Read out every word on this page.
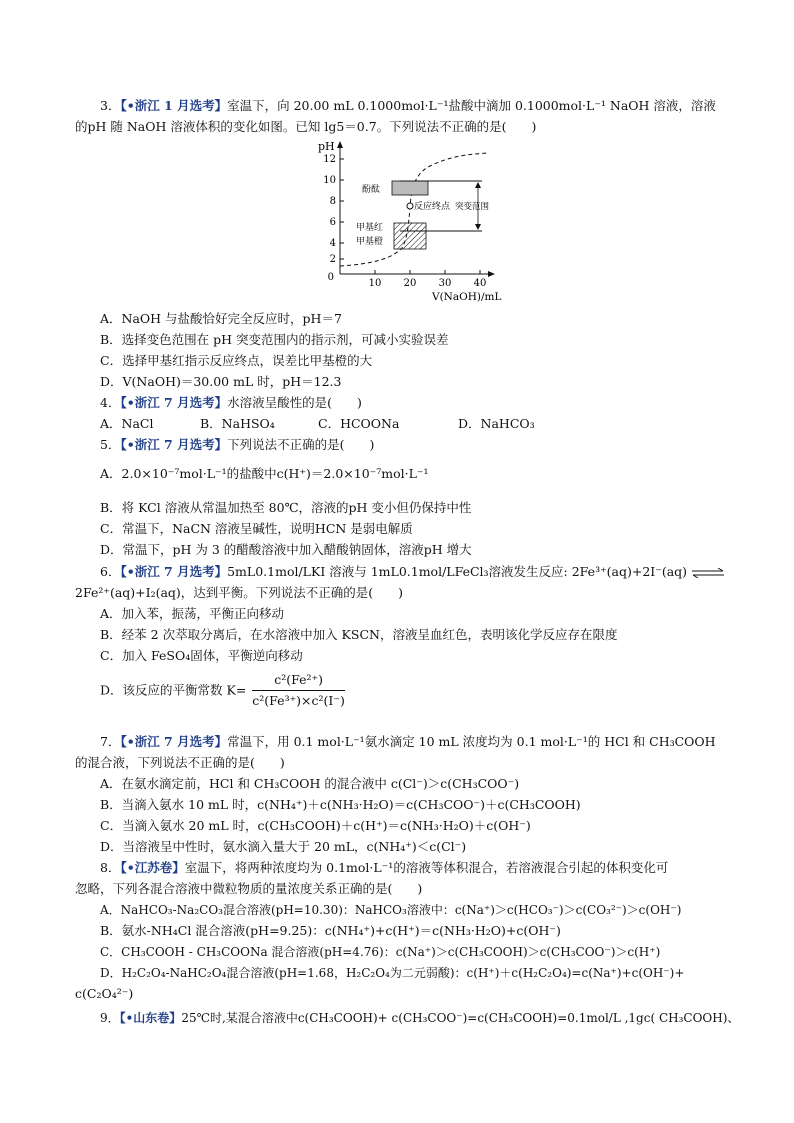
3．【•浙江 1 月选考】室温下，向 20.00 mL 0.1000mol·L⁻¹盐酸中滴加 0.1000mol·L⁻¹ NaOH 溶液，溶液
的pH 随 NaOH 溶液体积的变化如图。已知 lg5＝0.7。下列说法不正确的是(　　)
pH
12
10
8
6
4
2
0
10 20 30 40
V(NaOH)/mL
酚酞
反应终点 突变范围
甲基红
甲基橙
A．NaOH 与盐酸恰好完全反应时，pH＝7
B．选择变色范围在 pH 突变范围内的指示剂，可减小实验误差
C．选择甲基红指示反应终点，误差比甲基橙的大
D．V(NaOH)＝30.00 mL 时，pH＝12.3
4．【•浙江 7 月选考】水溶液呈酸性的是(　　)
A．NaCl	B．NaHSO₄	C．HCOONa	D．NaHCO₃
5．【•浙江 7 月选考】下列说法不正确的是(　　)
A．2.0×10⁻⁷mol·L⁻¹的盐酸中c(H⁺)＝2.0×10⁻⁷mol·L⁻¹
B．将 KCl 溶液从常温加热至 80℃，溶液的pH 变小但仍保持中性
C．常温下，NaCN 溶液呈碱性，说明HCN 是弱电解质
D．常温下，pH 为 3 的醋酸溶液中加入醋酸钠固体，溶液pH 增大
6．【•浙江 7 月选考】5mL0.1mol/LKI 溶液与 1mL0.1mol/LFeCl₃溶液发生反应: 2Fe³⁺(aq)+2I⁻(aq) ⇌
2Fe²⁺(aq)+I₂(aq)，达到平衡。下列说法不正确的是(　　)
A．加入苯，振荡，平衡正向移动
B．经苯 2 次萃取分离后，在水溶液中加入 KSCN，溶液呈血红色，表明该化学反应存在限度
C．加入 FeSO₄固体，平衡逆向移动
D．该反应的平衡常数 $K= \frac{\text{c²(Fe²⁺)}}{\text{c²(Fe³⁺)×c²(I⁻)}}$
7．【•浙江 7 月选考】常温下，用 0.1 mol·L⁻¹氨水滴定 10 mL 浓度均为 0.1 mol·L⁻¹的 HCl 和 CH₃COOH
的混合液，下列说法不正确的是(　　)
A．在氨水滴定前，HCl 和 CH₃COOH 的混合液中 c(Cl⁻)＞c(CH₃COO⁻)
B．当滴入氨水 10 mL 时，c(NH₄⁺)＋c(NH₃·H₂O)＝c(CH₃COO⁻)＋c(CH₃COOH)
C．当滴入氨水 20 mL 时，c(CH₃COOH)＋c(H⁺)＝c(NH₃·H₂O)＋c(OH⁻)
D．当溶液呈中性时，氨水滴入量大于 20 mL，c(NH₄⁺)＜c(Cl⁻)
8．【•江苏卷】室温下，将两种浓度均为 0.1mol·L⁻¹的溶液等体积混合，若溶液混合引起的体积变化可
忽略，下列各混合溶液中微粒物质的量浓度关系正确的是(　　)
A．NaHCO₃-Na₂CO₃混合溶液(pH=10.30)：NaHCO₃溶液中：c(Na⁺)＞c(HCO₃⁻)＞c(CO₃²⁻)＞c(OH⁻)
B．氨水-NH₄Cl 混合溶液(pH=9.25)：c(NH₄⁺)+c(H⁺)＝c(NH₃·H₂O)+c(OH⁻)
C．CH₃COOH - CH₃COONa 混合溶液(pH=4.76)：c(Na⁺)＞c(CH₃COOH)＞c(CH₃COO⁻)＞c(H⁺)
D．H₂C₂O₄-NaHC₂O₄混合溶液(pH=1.68，H₂C₂O₄为二元弱酸)：c(H⁺)＋c(H₂C₂O₄)=c(Na⁺)+c(OH⁻)+
c(C₂O₄²⁻)
9．【•山东卷】25℃时,某混合溶液中c(CH₃COOH)+ c(CH₃COO⁻)=c(CH₃COOH)=0.1mol/L ,1gc( CH₃COOH)、
